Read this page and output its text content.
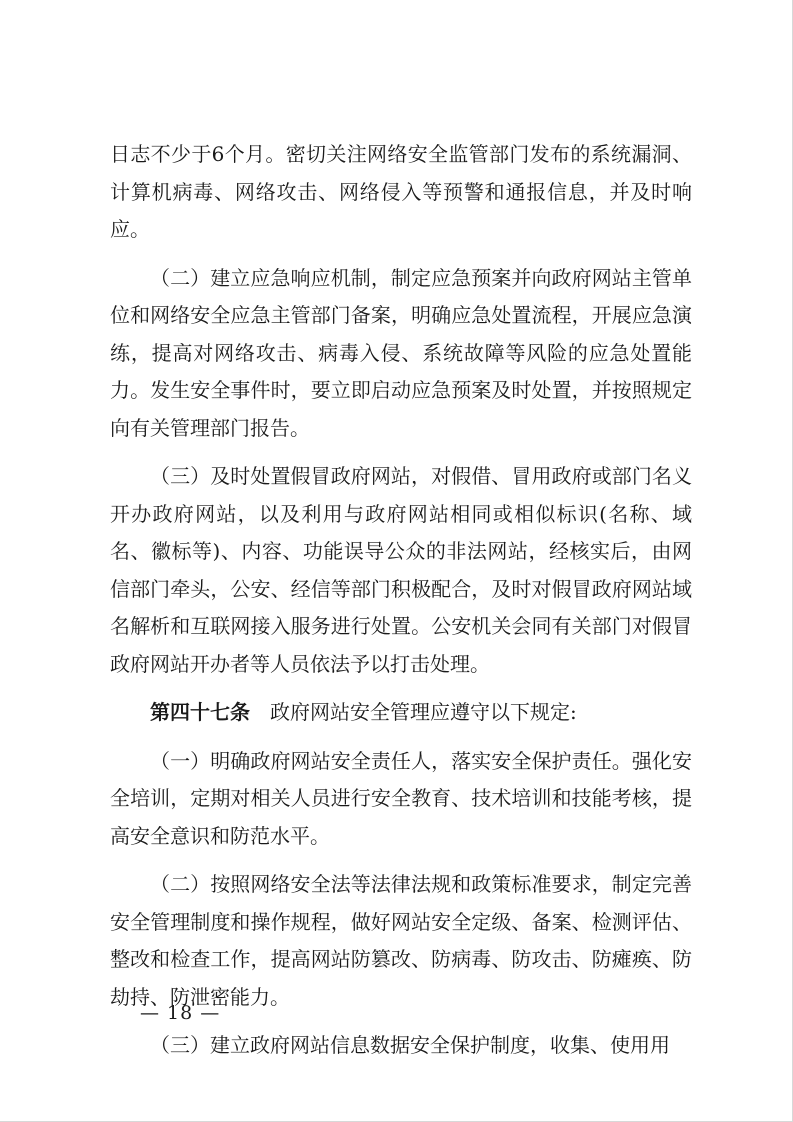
日志不少于6个月。密切关注网络安全监管部门发布的系统漏洞、计算机病毒、网络攻击、网络侵入等预警和通报信息，并及时响应。

（二）建立应急响应机制，制定应急预案并向政府网站主管单位和网络安全应急主管部门备案，明确应急处置流程，开展应急演练，提高对网络攻击、病毒入侵、系统故障等风险的应急处置能力。发生安全事件时，要立即启动应急预案及时处置，并按照规定向有关管理部门报告。

（三）及时处置假冒政府网站，对假借、冒用政府或部门名义开办政府网站，以及利用与政府网站相同或相似标识(名称、域名、徽标等)、内容、功能误导公众的非法网站，经核实后，由网信部门牵头，公安、经信等部门积极配合，及时对假冒政府网站域名解析和互联网接入服务进行处置。公安机关会同有关部门对假冒政府网站开办者等人员依法予以打击处理。

第四十七条 政府网站安全管理应遵守以下规定:

（一）明确政府网站安全责任人，落实安全保护责任。强化安全培训，定期对相关人员进行安全教育、技术培训和技能考核，提高安全意识和防范水平。

（二）按照网络安全法等法律法规和政策标准要求，制定完善安全管理制度和操作规程，做好网站安全定级、备案、检测评估、整改和检查工作，提高网站防篡改、防病毒、防攻击、防瘫痪、防劫持、防泄密能力。

（三）建立政府网站信息数据安全保护制度，收集、使用用

— 18 —
